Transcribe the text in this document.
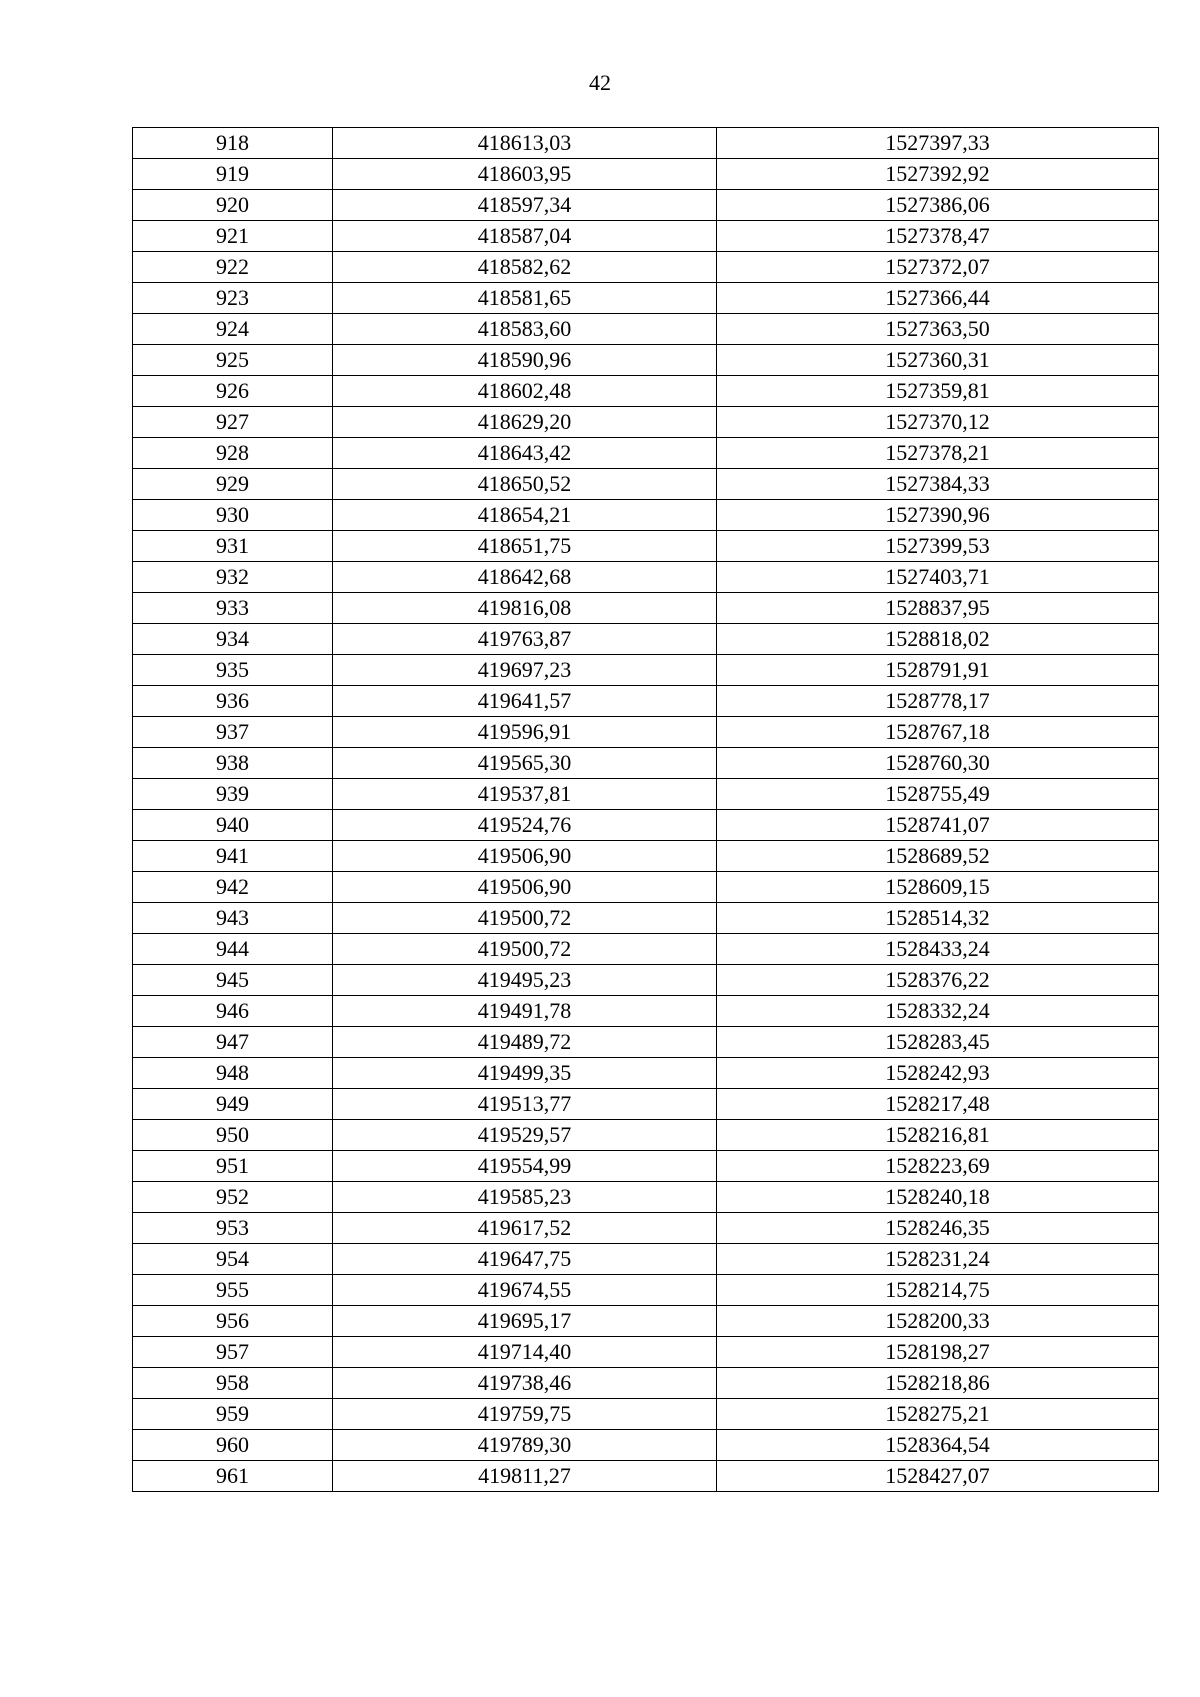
42
918	418613,03	1527397,33
919	418603,95	1527392,92
920	418597,34	1527386,06
921	418587,04	1527378,47
922	418582,62	1527372,07
923	418581,65	1527366,44
924	418583,60	1527363,50
925	418590,96	1527360,31
926	418602,48	1527359,81
927	418629,20	1527370,12
928	418643,42	1527378,21
929	418650,52	1527384,33
930	418654,21	1527390,96
931	418651,75	1527399,53
932	418642,68	1527403,71
933	419816,08	1528837,95
934	419763,87	1528818,02
935	419697,23	1528791,91
936	419641,57	1528778,17
937	419596,91	1528767,18
938	419565,30	1528760,30
939	419537,81	1528755,49
940	419524,76	1528741,07
941	419506,90	1528689,52
942	419506,90	1528609,15
943	419500,72	1528514,32
944	419500,72	1528433,24
945	419495,23	1528376,22
946	419491,78	1528332,24
947	419489,72	1528283,45
948	419499,35	1528242,93
949	419513,77	1528217,48
950	419529,57	1528216,81
951	419554,99	1528223,69
952	419585,23	1528240,18
953	419617,52	1528246,35
954	419647,75	1528231,24
955	419674,55	1528214,75
956	419695,17	1528200,33
957	419714,40	1528198,27
958	419738,46	1528218,86
959	419759,75	1528275,21
960	419789,30	1528364,54
961	419811,27	1528427,07
